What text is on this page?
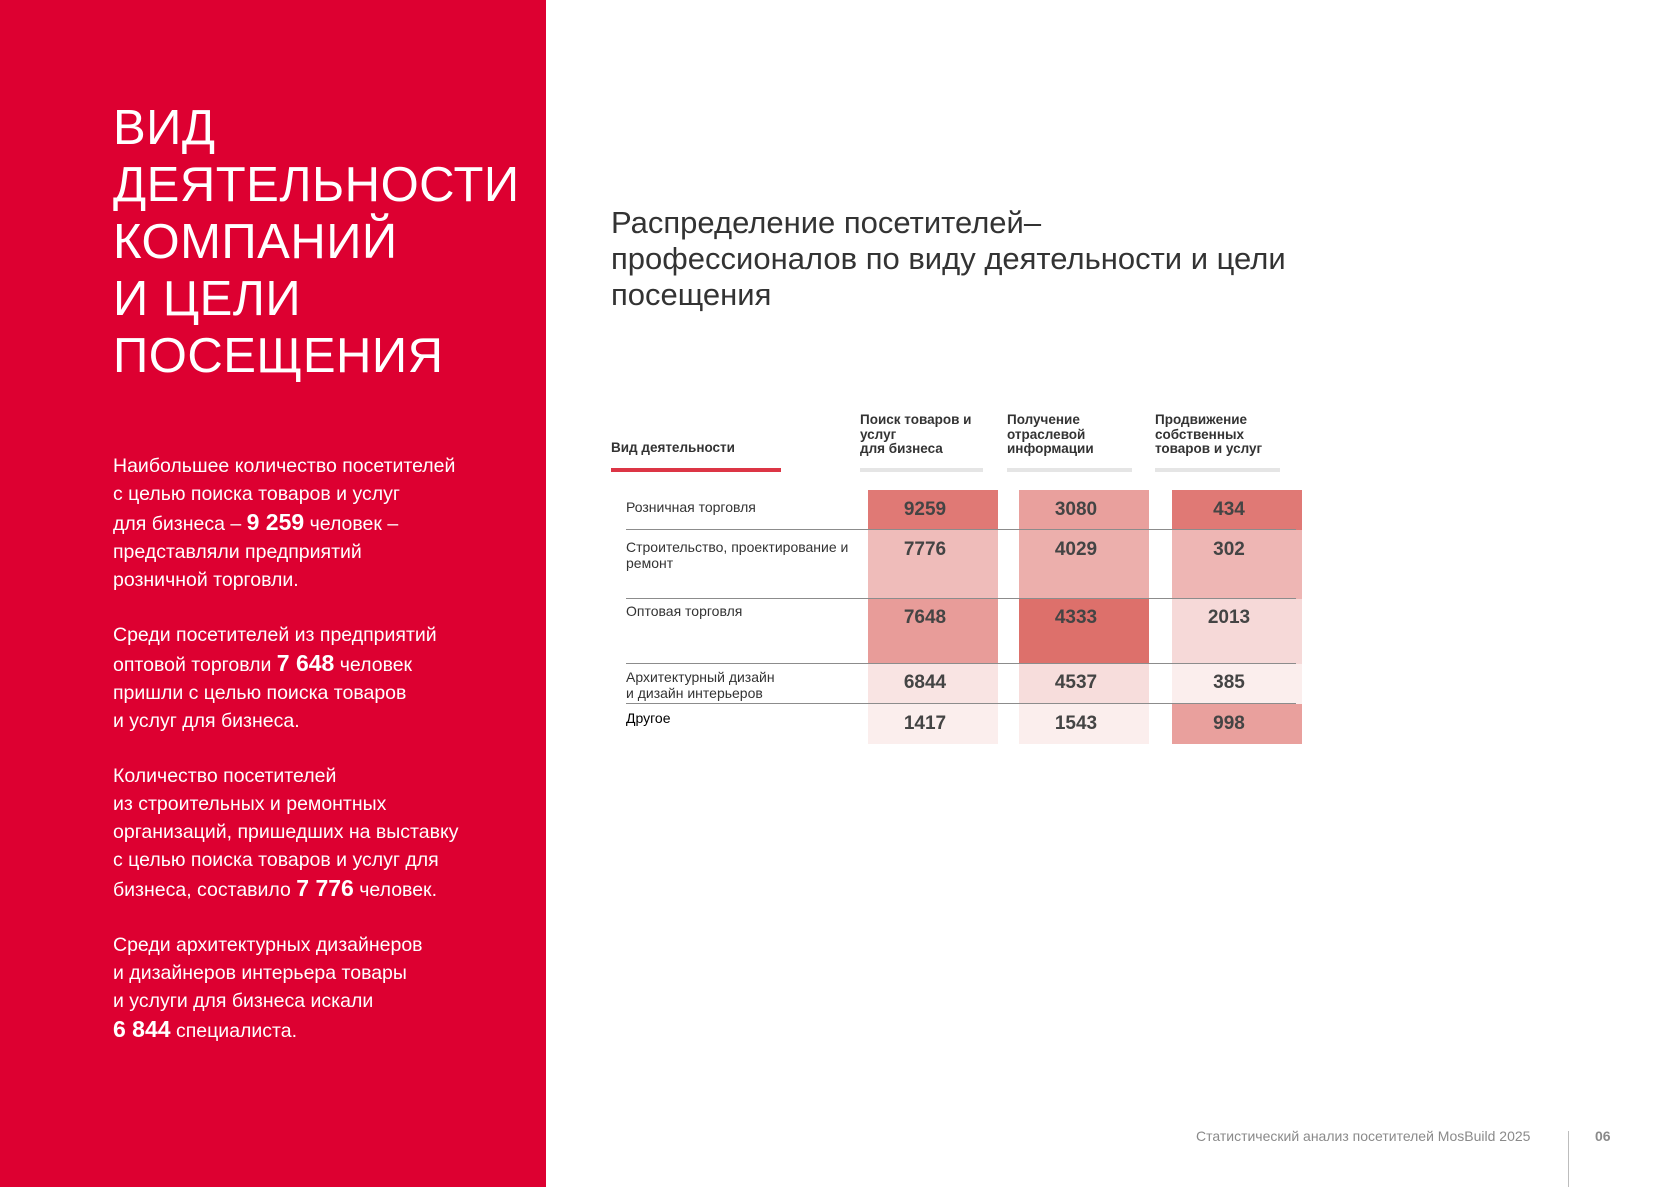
ВИД
ДЕЯТЕЛЬНОСТИ
КОМПАНИЙ
И ЦЕЛИ
ПОСЕЩЕНИЯ

Наибольшее количество посетителей
с целью поиска товаров и услуг
для бизнеса – 9 259 человек –
представляли предприятий
розничной торговли.

Среди посетителей из предприятий
оптовой торговли 7 648 человек
пришли с целью поиска товаров
и услуг для бизнеса.

Количество посетителей
из строительных и ремонтных
организаций, пришедших на выставку
с целью поиска товаров и услуг для
бизнеса, составило 7 776 человек.

Среди архитектурных дизайнеров
и дизайнеров интерьера товары
и услуги для бизнеса искали
6 844 специалиста.

Распределение посетителей–
профессионалов по виду деятельности и цели
посещения
Вид деятельности
Поиск товаров и
услуг
для бизнеса
Получение
отраслевой
информации
Продвижение
собственных
товаров и услуг
Розничная торговля	9259	3080	434
Строительство, проектирование и
ремонт
7776	4029	302
Оптовая торговля	7648	4333	2013
Архитектурный дизайн
и дизайн интерьеров	6844	4537	385
Другое	1417	1543	998
Статистический анализ посетителей MosBuild 2025	06
